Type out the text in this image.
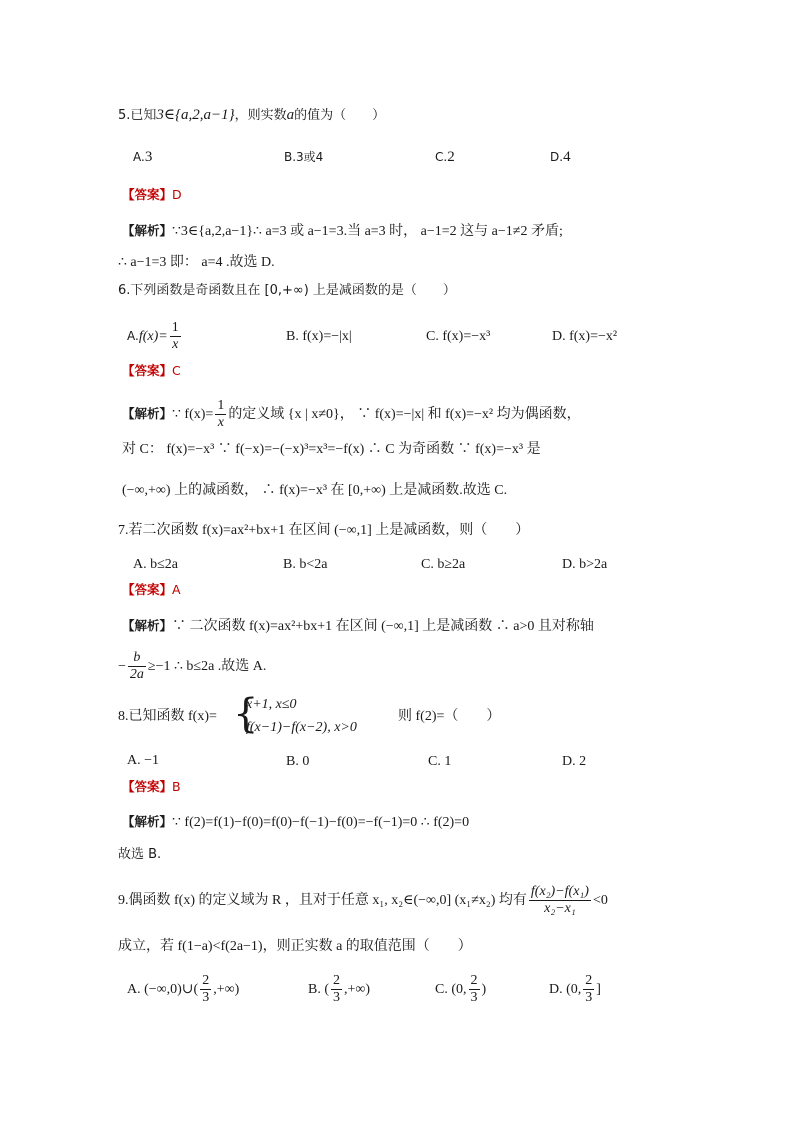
5.已知3∈{a,2,a−1}，则实数a的值为（　　）
A.3	B.3或4	C.2	D.4
【答案】D
【解析】∵3∈{a,2,a−1}∴ a=3 或 a−1=3.当 a=3 时， a−1=2 这与 a−1≠2 矛盾;
∴ a−1=3 即： a=4 .故选 D.
6.下列函数是奇函数且在 [0,+∞) 上是减函数的是（　　）
$A.f(x)= \frac{1}{x}$	B. f(x)=−|x|	C. f(x)=−x³	D. f(x)=−x²
【答案】C
【解析】∵ $f(x)= \frac{1}{x}$ 的定义域 {x | x≠0}， ∵ f(x)=−|x| 和 f(x)=−x² 均为偶函数，
对 C： f(x)=−x³ ∵ f(−x)=−(−x)³=x³=−f(x) ∴ C 为奇函数 ∵ f(x)=−x³ 是
(−∞,+∞) 上的减函数， ∴ f(x)=−x³ 在 [0,+∞) 上是减函数.故选 C.
7.若二次函数 f(x)=ax²+bx+1 在区间 (−∞,1] 上是减函数，则（　　）
A. b≤2a	B. b<2a	C. b≥2a	D. b>2a
【答案】A
【解析】∵ 二次函数 f(x)=ax²+bx+1 在区间 (−∞,1] 上是减函数 ∴ a>0 且对称轴
− $\frac{b}{2a} \ge-1$ ∴ b≤2a .故选 A.
8.已知函数 f(x)= {
x+1, x≤0
f(x−1)−f(x−2), x>0
则 f(2)=（　　）
A. −1	B. 0	C. 1	D. 2
【答案】B
【解析】∵ f(2)=f(1)−f(0)=f(0)−f(−1)−f(0)=−f(−1)=0 ∴ f(2)=0
故选 B.
9.偶函数 f(x) 的定义域为 R ，且对于任意 x₁, x₂∈(−∞,0] (x₁≠x₂) 均有 $\frac{\text{f(x₂)−f(x₁)}}{\text{x₂−x₁}} <0$
成立，若 f(1−a)<f(2a−1)，则正实数 a 的取值范围（　　）
A. (−∞,0)∪( $\frac{2}{3}$ ,+∞)	B. ( $\frac{2}{3}$ ,+∞)	C. (0, $\frac{2}{3}$ )	D. (0, $\frac{2}{3}$ ]
